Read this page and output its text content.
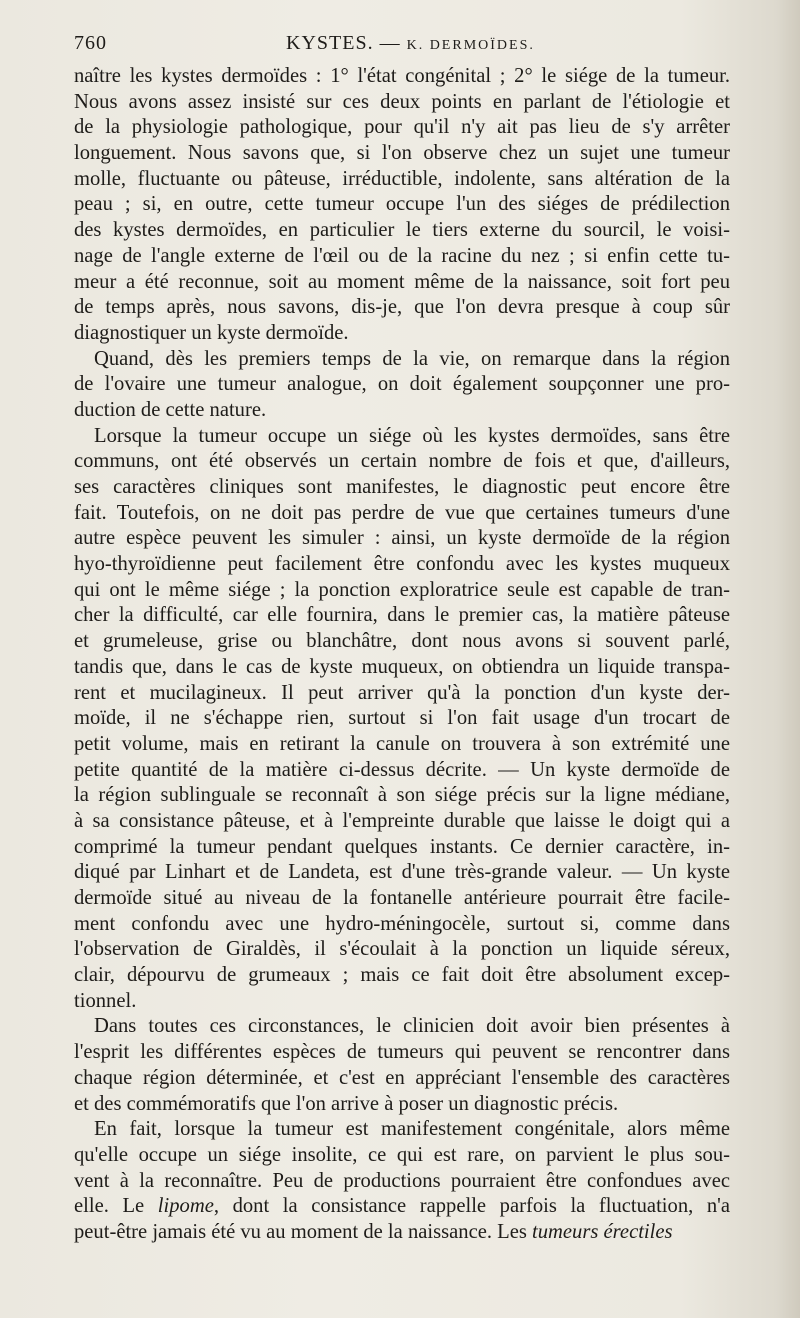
760	KYSTES. — K. DERMOÏDES.
naître les kystes dermoïdes : 1° l'état congénital ; 2° le siége de la tumeur.
Nous avons assez insisté sur ces deux points en parlant de l'étiologie et
de la physiologie pathologique, pour qu'il n'y ait pas lieu de s'y arrêter
longuement. Nous savons que, si l'on observe chez un sujet une tumeur
molle, fluctuante ou pâteuse, irréductible, indolente, sans altération de la
peau ; si, en outre, cette tumeur occupe l'un des siéges de prédilection
des kystes dermoïdes, en particulier le tiers externe du sourcil, le voisi-
nage de l'angle externe de l'œil ou de la racine du nez ; si enfin cette tu-
meur a été reconnue, soit au moment même de la naissance, soit fort peu
de temps après, nous savons, dis-je, que l'on devra presque à coup sûr
diagnostiquer un kyste dermoïde.
Quand, dès les premiers temps de la vie, on remarque dans la région
de l'ovaire une tumeur analogue, on doit également soupçonner une pro-
duction de cette nature.
Lorsque la tumeur occupe un siége où les kystes dermoïdes, sans être
communs, ont été observés un certain nombre de fois et que, d'ailleurs,
ses caractères cliniques sont manifestes, le diagnostic peut encore être
fait. Toutefois, on ne doit pas perdre de vue que certaines tumeurs d'une
autre espèce peuvent les simuler : ainsi, un kyste dermoïde de la région
hyo-thyroïdienne peut facilement être confondu avec les kystes muqueux
qui ont le même siége ; la ponction exploratrice seule est capable de tran-
cher la difficulté, car elle fournira, dans le premier cas, la matière pâteuse
et grumeleuse, grise ou blanchâtre, dont nous avons si souvent parlé,
tandis que, dans le cas de kyste muqueux, on obtiendra un liquide transpa-
rent et mucilagineux. Il peut arriver qu'à la ponction d'un kyste der-
moïde, il ne s'échappe rien, surtout si l'on fait usage d'un trocart de
petit volume, mais en retirant la canule on trouvera à son extrémité une
petite quantité de la matière ci-dessus décrite. — Un kyste dermoïde de
la région sublinguale se reconnaît à son siége précis sur la ligne médiane,
à sa consistance pâteuse, et à l'empreinte durable que laisse le doigt qui a
comprimé la tumeur pendant quelques instants. Ce dernier caractère, in-
diqué par Linhart et de Landeta, est d'une très-grande valeur. — Un kyste
dermoïde situé au niveau de la fontanelle antérieure pourrait être facile-
ment confondu avec une hydro-méningocèle, surtout si, comme dans
l'observation de Giraldès, il s'écoulait à la ponction un liquide séreux,
clair, dépourvu de grumeaux ; mais ce fait doit être absolument excep-
tionnel.
Dans toutes ces circonstances, le clinicien doit avoir bien présentes à
l'esprit les différentes espèces de tumeurs qui peuvent se rencontrer dans
chaque région déterminée, et c'est en appréciant l'ensemble des caractères
et des commémoratifs que l'on arrive à poser un diagnostic précis.
En fait, lorsque la tumeur est manifestement congénitale, alors même
qu'elle occupe un siége insolite, ce qui est rare, on parvient le plus sou-
vent à la reconnaître. Peu de productions pourraient être confondues avec
elle. Le lipome, dont la consistance rappelle parfois la fluctuation, n'a
peut-être jamais été vu au moment de la naissance. Les tumeurs érectiles
